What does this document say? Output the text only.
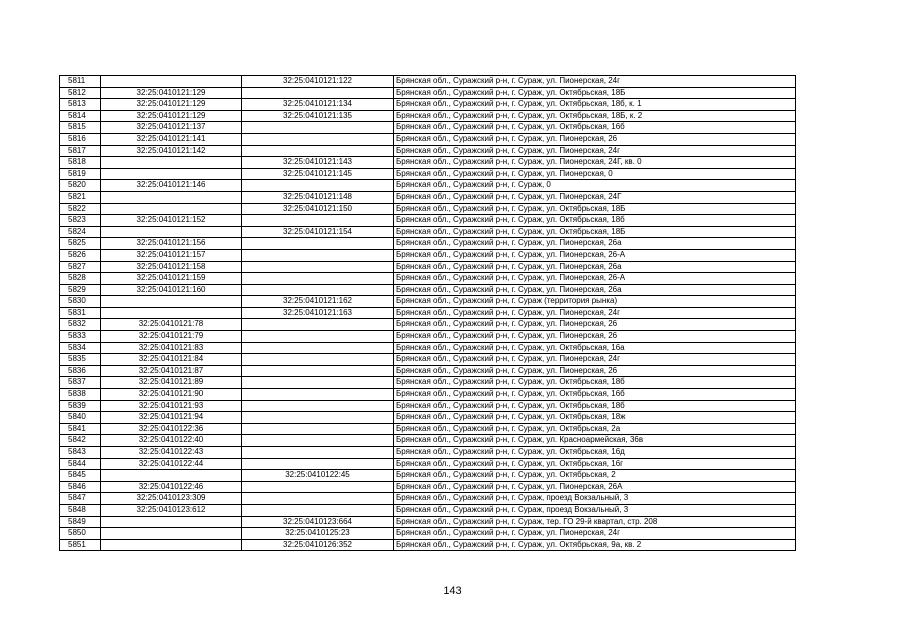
5811		32:25:0410121:122	Брянская обл., Суражский р-н, г. Сураж, ул. Пионерская, 24г
5812	32:25:0410121:129		Брянская обл., Суражский р-н, г. Сураж, ул. Октябрьская, 18Б
5813	32:25:0410121:129	32:25:0410121:134	Брянская обл., Суражский р-н, г. Сураж, ул. Октябрьская, 18б, к. 1
5814	32:25:0410121:129	32:25:0410121:135	Брянская обл., Суражский р-н, г. Сураж, ул. Октябрьская, 18Б, к. 2
5815	32:25:0410121:137		Брянская обл., Суражский р-н, г. Сураж, ул. Октябрьская, 16б
5816	32:25:0410121:141		Брянская обл., Суражский р-н, г. Сураж, ул. Пионерская, 26
5817	32:25:0410121:142		Брянская обл., Суражский р-н, г. Сураж, ул. Пионерская, 24г
5818		32:25:0410121:143	Брянская обл., Суражский р-н, г. Сураж, ул. Пионерская, 24Г, кв. 0
5819		32:25:0410121:145	Брянская обл., Суражский р-н, г. Сураж, ул. Пионерская, 0
5820	32:25:0410121:146		Брянская обл., Суражский р-н, г. Сураж, 0
5821		32:25:0410121:148	Брянская обл., Суражский р-н, г. Сураж, ул. Пионерская, 24Г
5822		32:25:0410121:150	Брянская обл., Суражский р-н, г. Сураж, ул. Октябрьская, 18Б
5823	32:25:0410121:152		Брянская обл., Суражский р-н, г. Сураж, ул. Октябрьская, 18б
5824		32:25:0410121:154	Брянская обл., Суражский р-н, г. Сураж, ул. Октябрьская, 18Б
5825	32:25:0410121:156		Брянская обл., Суражский р-н, г. Сураж, ул. Пионерская, 26а
5826	32:25:0410121:157		Брянская обл., Суражский р-н, г. Сураж, ул. Пионерская, 26-А
5827	32:25:0410121:158		Брянская обл., Суражский р-н, г. Сураж, ул. Пионерская, 26а
5828	32:25:0410121:159		Брянская обл., Суражский р-н, г. Сураж, ул. Пионерская, 26-А
5829	32:25:0410121:160		Брянская обл., Суражский р-н, г. Сураж, ул. Пионерская, 26а
5830		32:25:0410121:162	Брянская обл., Суражский р-н, г. Сураж (территория рынка)
5831		32:25:0410121:163	Брянская обл., Суражский р-н, г. Сураж, ул. Пионерская, 24г
5832	32:25:0410121:78		Брянская обл., Суражский р-н, г. Сураж, ул. Пионерская, 26
5833	32:25:0410121:79		Брянская обл., Суражский р-н, г. Сураж, ул. Пионерская, 26
5834	32:25:0410121:83		Брянская обл., Суражский р-н, г. Сураж, ул. Октябрьская, 16а
5835	32:25:0410121:84		Брянская обл., Суражский р-н, г. Сураж, ул. Пионерская, 24г
5836	32:25:0410121:87		Брянская обл., Суражский р-н, г. Сураж, ул. Пионерская, 26
5837	32:25:0410121:89		Брянская обл., Суражский р-н, г. Сураж, ул. Октябрьская, 18б
5838	32:25:0410121:90		Брянская обл., Суражский р-н, г. Сураж, ул. Октябрьская, 16б
5839	32:25:0410121:93		Брянская обл., Суражский р-н, г. Сураж, ул. Октябрьская, 18б
5840	32:25:0410121:94		Брянская обл., Суражский р-н, г. Сураж, ул. Октябрьская, 18ж
5841	32:25:0410122:36		Брянская обл., Суражский р-н, г. Сураж, ул. Октябрьская, 2а
5842	32:25:0410122:40		Брянская обл., Суражский р-н, г. Сураж, ул. Красноармейская, 36в
5843	32:25:0410122:43		Брянская обл., Суражский р-н, г. Сураж, ул. Октябрьская, 16д
5844	32:25:0410122:44		Брянская обл., Суражский р-н, г. Сураж, ул. Октябрьская, 16г
5845		32:25:0410122:45	Брянская обл., Суражский р-н, г. Сураж, ул. Октябрьская, 2
5846	32:25:0410122:46		Брянская обл., Суражский р-н, г. Сураж, ул. Пионерская, 26А
5847	32:25:0410123:309		Брянская обл., Суражский р-н, г. Сураж, проезд Вокзальный, 3
5848	32:25:0410123:612		Брянская обл., Суражский р-н, г. Сураж, проезд Вокзальный, 3
5849		32:25:0410123:664	Брянская обл., Суражский р-н, г. Сураж, тер. ГО 29-й квартал, стр. 208
5850		32:25:0410125:23	Брянская обл., Суражский р-н, г. Сураж, ул. Пионерская, 24г
5851		32:25:0410126:352	Брянская обл., Суражский р-н, г. Сураж, ул. Октябрьская, 9а, кв. 2
143
